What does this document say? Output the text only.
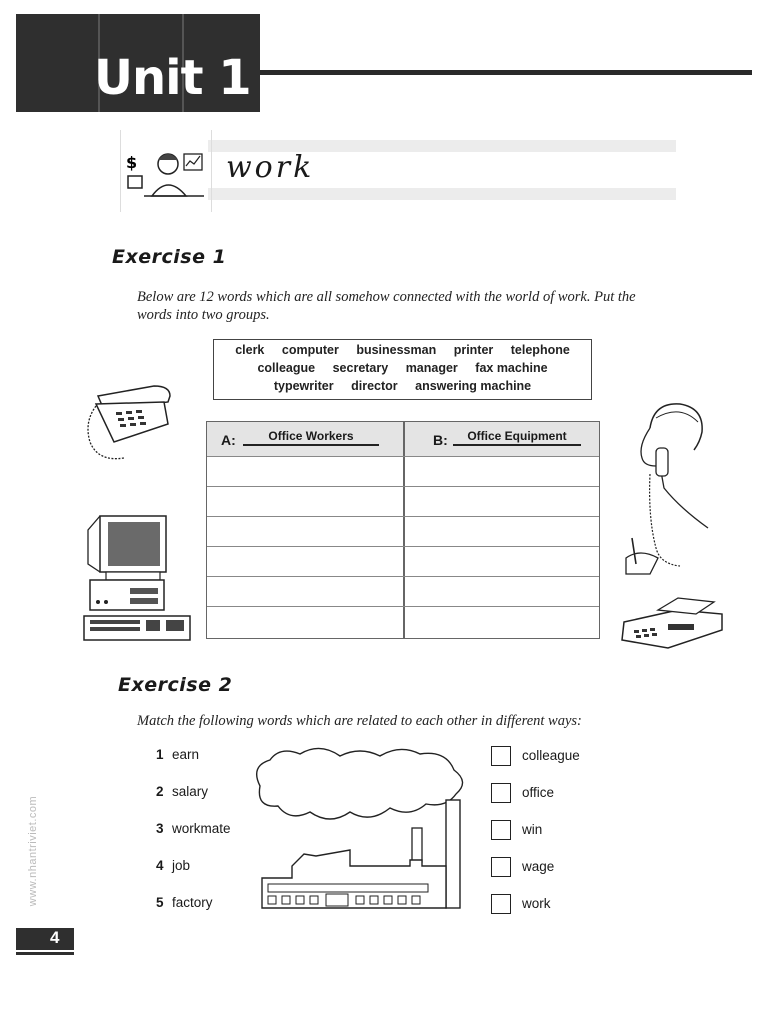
Unit 1
$	work
Exercise 1
Below are 12 words which are all somehow connected with the world of work. Put the
words into two groups.
clerk computer businessman printer telephone
colleague secretary manager fax machine
typewriter director answering machine
A:	Office Workers	B:	Office Equipment
Exercise 2
Match the following words which are related to each other in different ways:
1 earn
2 salary
3 workmate
4 job
5 factory
colleague
office
win
wage
work
www.nhantriviet.com
4
